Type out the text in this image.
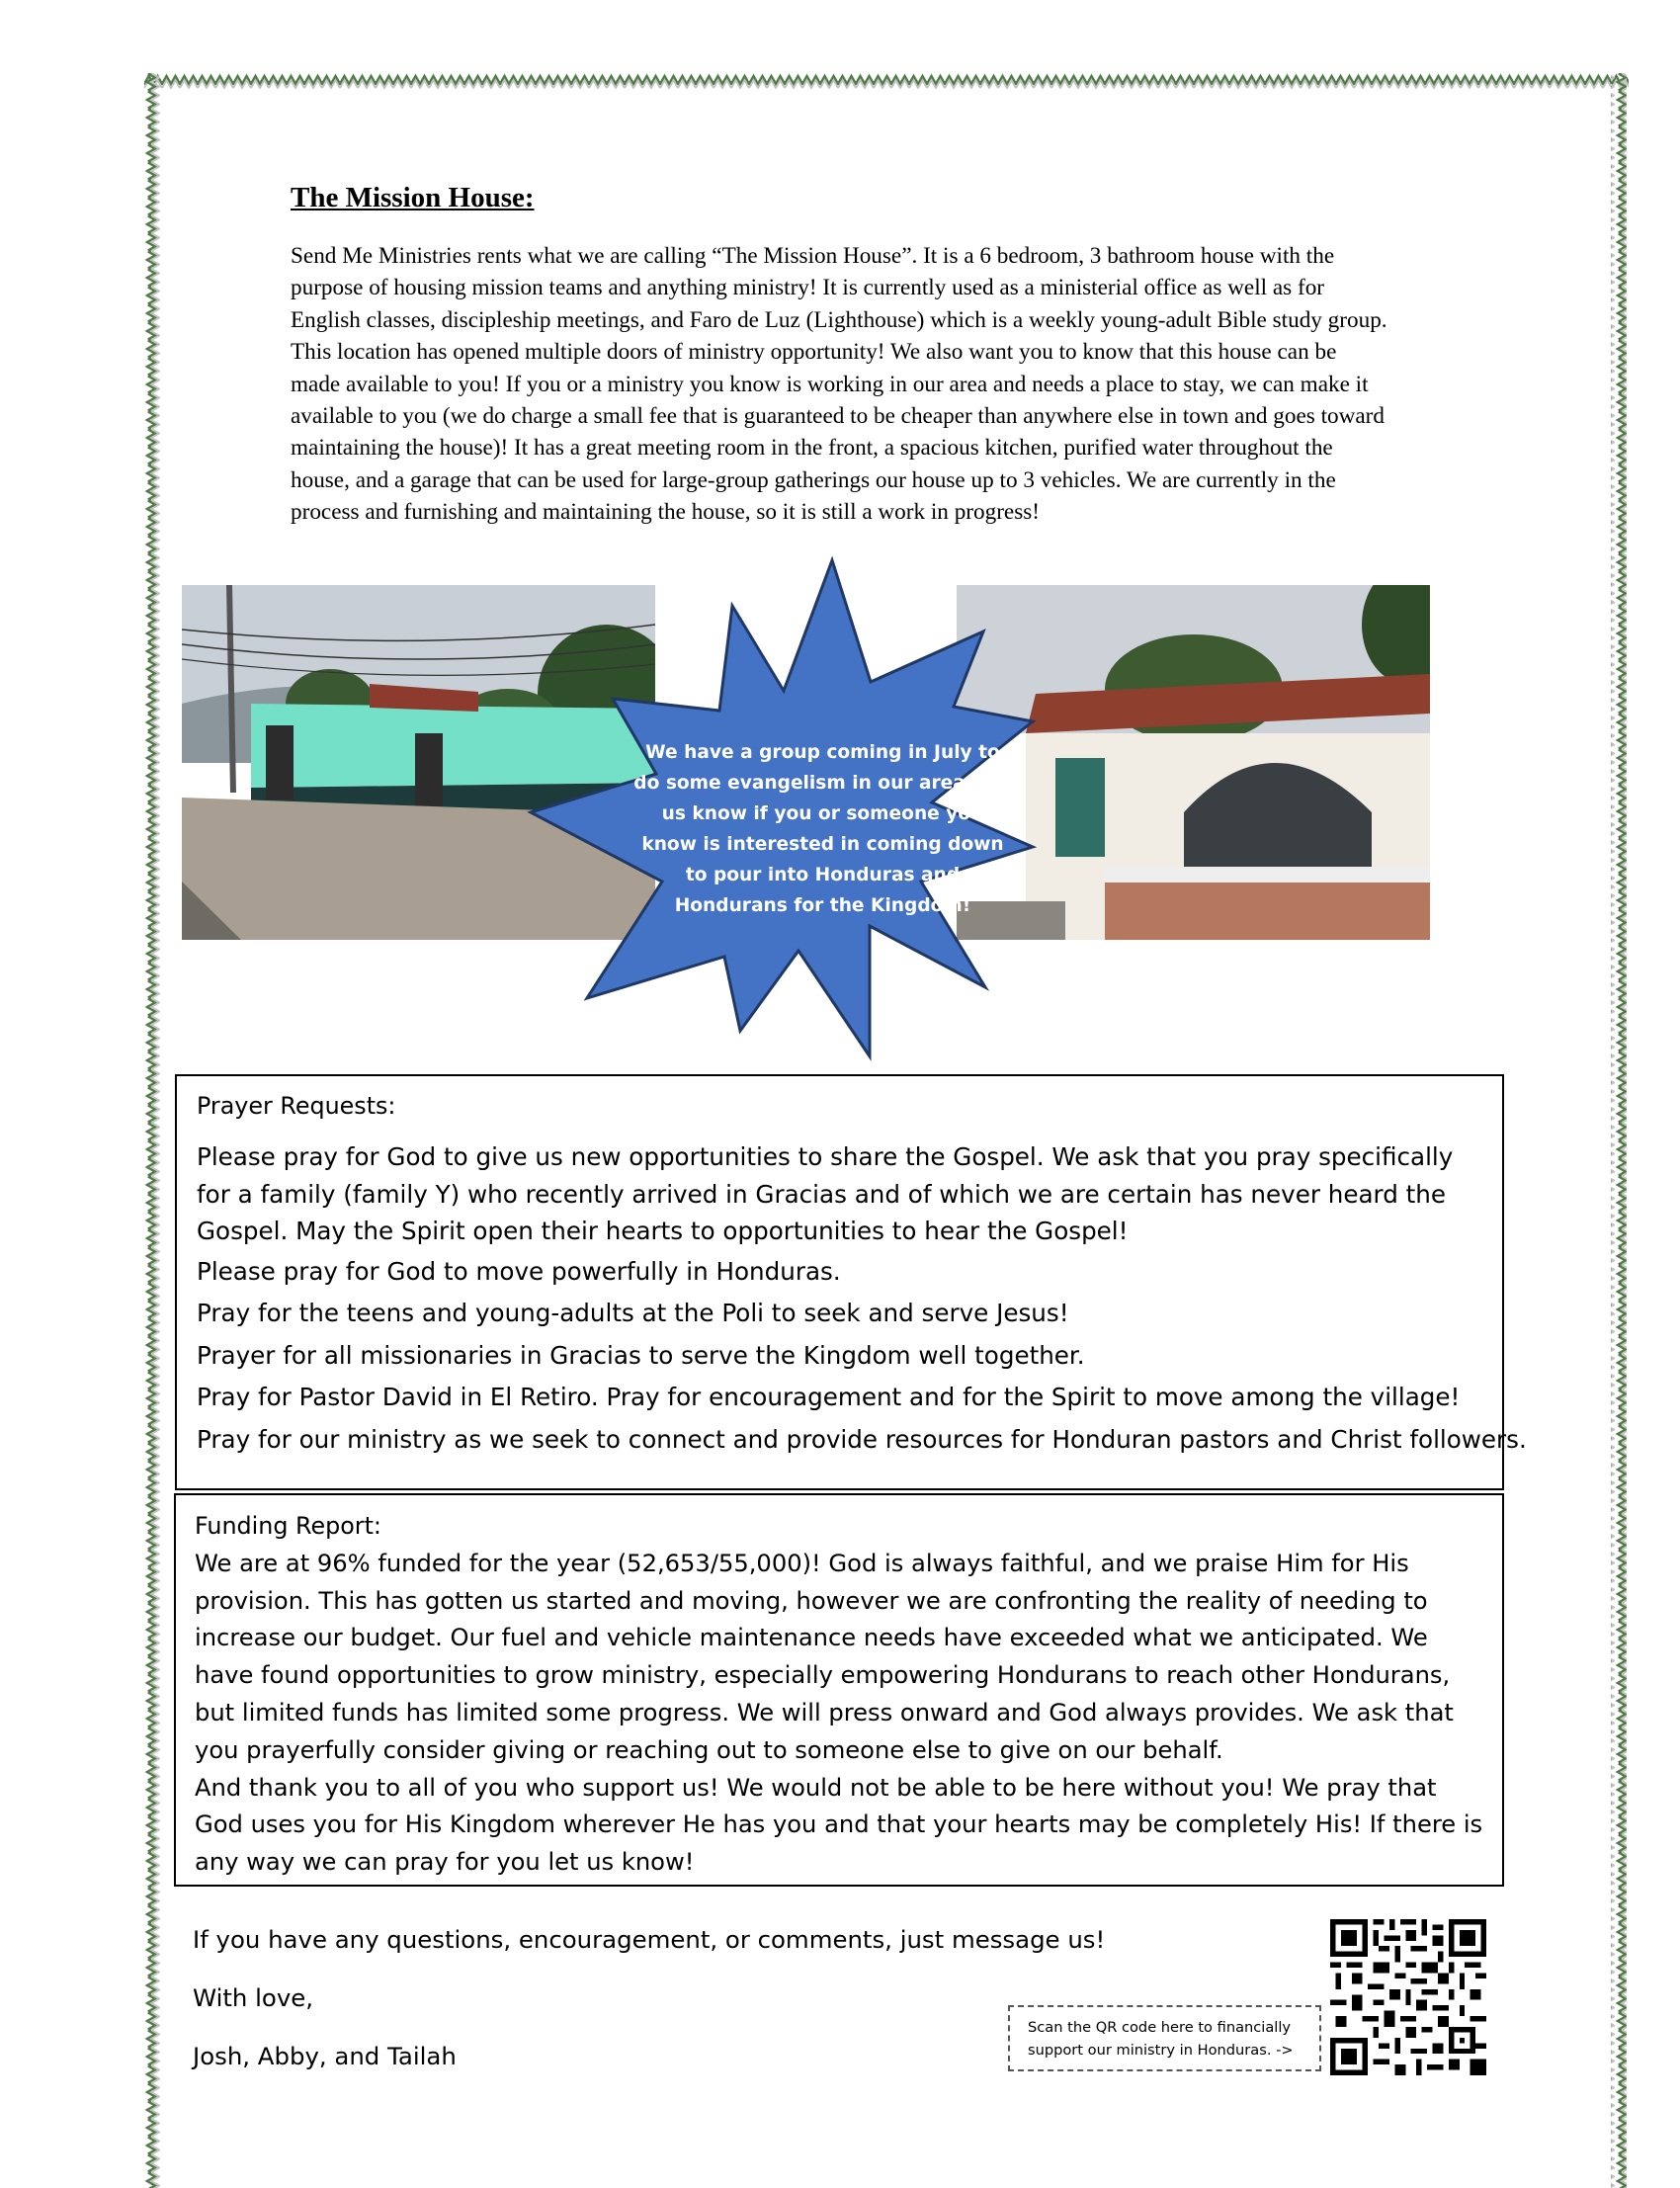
The Mission House:

Send Me Ministries rents what we are calling “The Mission House”. It is a 6 bedroom, 3 bathroom house with the purpose of housing mission teams and anything ministry! It is currently used as a ministerial office as well as for English classes, discipleship meetings, and Faro de Luz (Lighthouse) which is a weekly young-adult Bible study group. This location has opened multiple doors of ministry opportunity! We also want you to know that this house can be made available to you! If you or a ministry you know is working in our area and needs a place to stay, we can make it available to you (we do charge a small fee that is guaranteed to be cheaper than anywhere else in town and goes toward maintaining the house)! It has a great meeting room in the front, a spacious kitchen, purified water throughout the house, and a garage that can be used for large-group gatherings our house up to 3 vehicles. We are currently in the process and furnishing and maintaining the house, so it is still a work in progress!

We have a group coming in July to do some evangelism in our area. Let us know if you or someone you know is interested in coming down to pour into Honduras and Hondurans for the Kingdom!

Prayer Requests:

Please pray for God to give us new opportunities to share the Gospel. We ask that you pray specifically for a family (family Y) who recently arrived in Gracias and of which we are certain has never heard the Gospel. May the Spirit open their hearts to opportunities to hear the Gospel!

Please pray for God to move powerfully in Honduras.

Pray for the teens and young-adults at the Poli to seek and serve Jesus!

Prayer for all missionaries in Gracias to serve the Kingdom well together.

Pray for Pastor David in El Retiro. Pray for encouragement and for the Spirit to move among the village!

Pray for our ministry as we seek to connect and provide resources for Honduran pastors and Christ followers.

Funding Report:

We are at 96% funded for the year (52,653/55,000)! God is always faithful, and we praise Him for His provision. This has gotten us started and moving, however we are confronting the reality of needing to increase our budget. Our fuel and vehicle maintenance needs have exceeded what we anticipated. We have found opportunities to grow ministry, especially empowering Hondurans to reach other Hondurans, but limited funds has limited some progress. We will press onward and God always provides. We ask that you prayerfully consider giving or reaching out to someone else to give on our behalf.

And thank you to all of you who support us! We would not be able to be here without you! We pray that God uses you for His Kingdom wherever He has you and that your hearts may be completely His! If there is any way we can pray for you let us know!

If you have any questions, encouragement, or comments, just message us!

With love,

Josh, Abby, and Tailah

Scan the QR code here to financially support our ministry in Honduras. ->
